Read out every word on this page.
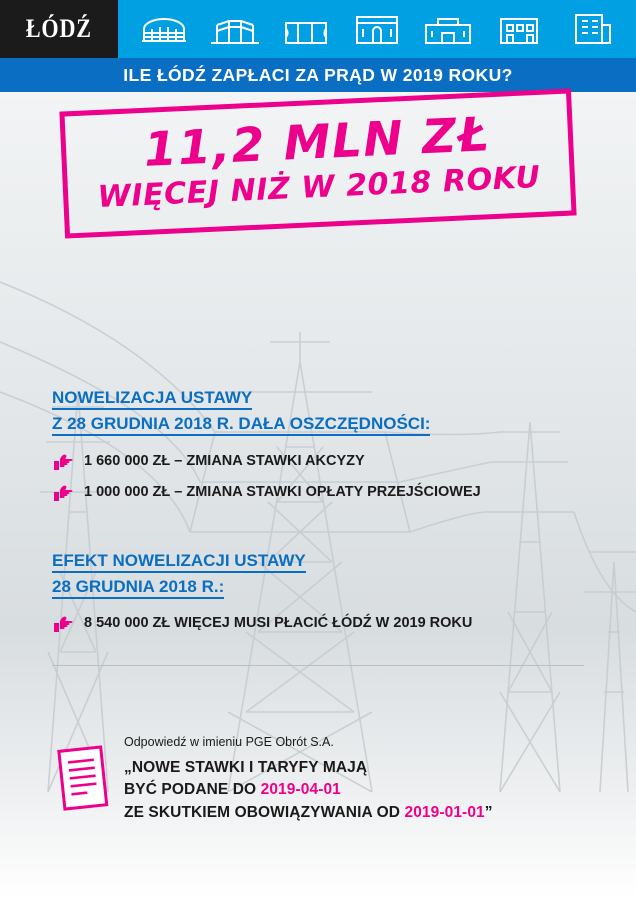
ŁÓDŹ
ILE ŁÓDŹ ZAPŁACI ZA PRĄD W 2019 ROKU?
11,2 MLN ZŁ
WIĘCEJ NIŻ W 2018 ROKU
NOWELIZACJA USTAWY
Z 28 GRUDNIA 2018 R. DAŁA OSZCZĘDNOŚCI:
1 660 000 ZŁ – ZMIANA STAWKI AKCYZY
1 000 000 ZŁ – ZMIANA STAWKI OPŁATY PRZEJŚCIOWEJ
EFEKT NOWELIZACJI USTAWY
28 GRUDNIA 2018 R.:
8 540 000 ZŁ WIĘCEJ MUSI PŁACIĆ ŁÓDŹ W 2019 ROKU
Odpowiedź w imieniu PGE Obrót S.A.
„NOWE STAWKI I TARYFY MAJĄ
BYĆ PODANE DO 2019-04-01
ZE SKUTKIEM OBOWIĄZYWANIA OD 2019-01-01”
